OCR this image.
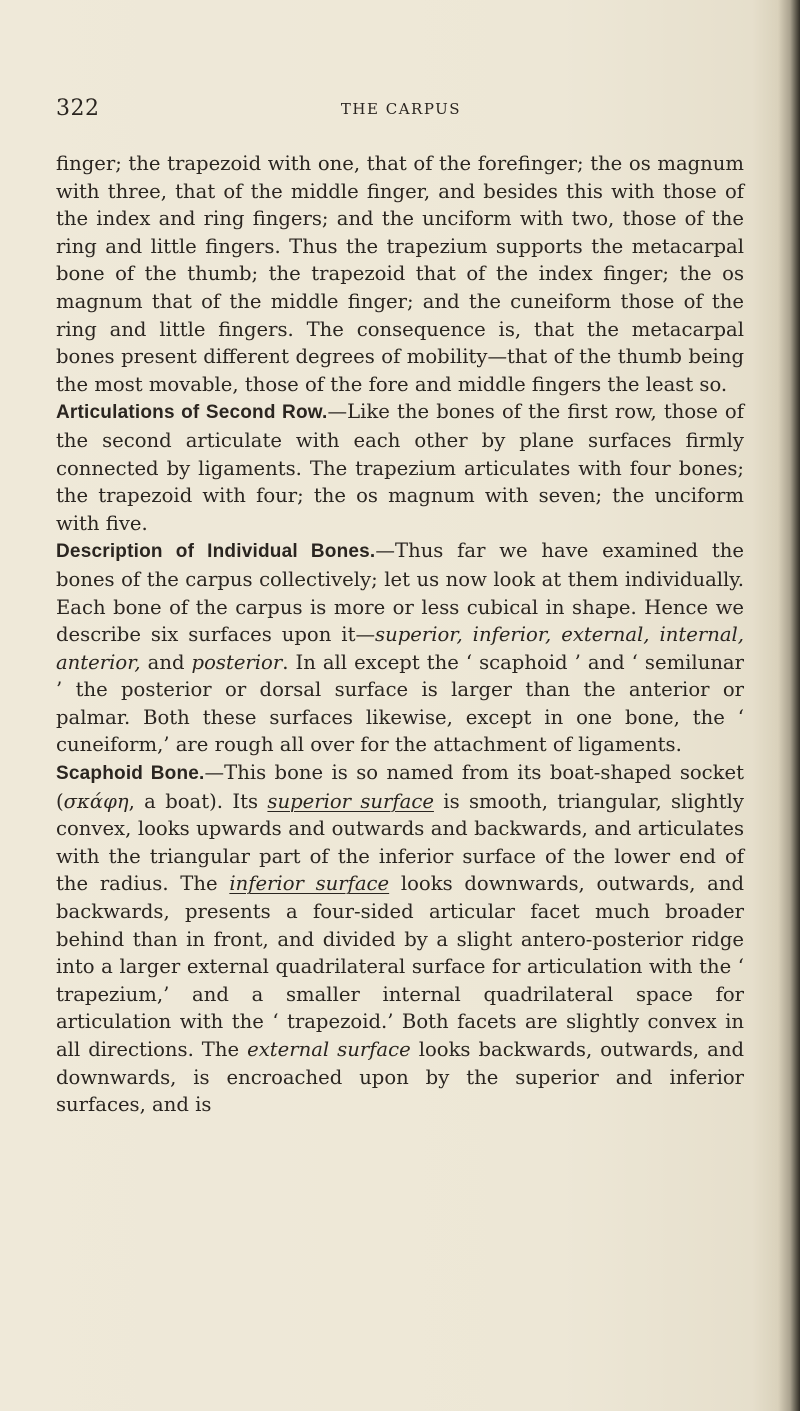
322	THE CARPUS

finger; the trapezoid with one, that of the forefinger; the os magnum with three, that of the middle finger, and besides this with those of the index and ring fingers; and the unciform with two, those of the ring and little fingers. Thus the trapezium supports the metacarpal bone of the thumb; the trapezoid that of the index finger; the os magnum that of the middle finger; and the cuneiform those of the ring and little fingers. The consequence is, that the metacarpal bones present different degrees of mobility—that of the thumb being the most movable, those of the fore and middle fingers the least so.

Articulations of Second Row.—Like the bones of the first row, those of the second articulate with each other by plane surfaces firmly connected by ligaments. The trapezium articulates with four bones; the trapezoid with four; the os magnum with seven; the unciform with five.

Description of Individual Bones.—Thus far we have examined the bones of the carpus collectively; let us now look at them individually. Each bone of the carpus is more or less cubical in shape. Hence we describe six surfaces upon it—superior, inferior, external, internal, anterior, and posterior. In all except the ‘ scaphoid ’ and ‘ semilunar ’ the posterior or dorsal surface is larger than the anterior or palmar. Both these surfaces likewise, except in one bone, the ‘ cuneiform,’ are rough all over for the attachment of ligaments.

Scaphoid Bone.—This bone is so named from its boat-shaped socket (σκάφη, a boat). Its superior surface is smooth, triangular, slightly convex, looks upwards and outwards and backwards, and articulates with the triangular part of the inferior surface of the lower end of the radius. The inferior surface looks downwards, outwards, and backwards, presents a four-sided articular facet much broader behind than in front, and divided by a slight antero-posterior ridge into a larger external quadrilateral surface for articulation with the ‘ trapezium,’ and a smaller internal quadrilateral space for articulation with the ‘ trapezoid.’ Both facets are slightly convex in all directions. The external surface looks backwards, outwards, and downwards, is encroached upon by the superior and inferior surfaces, and is
